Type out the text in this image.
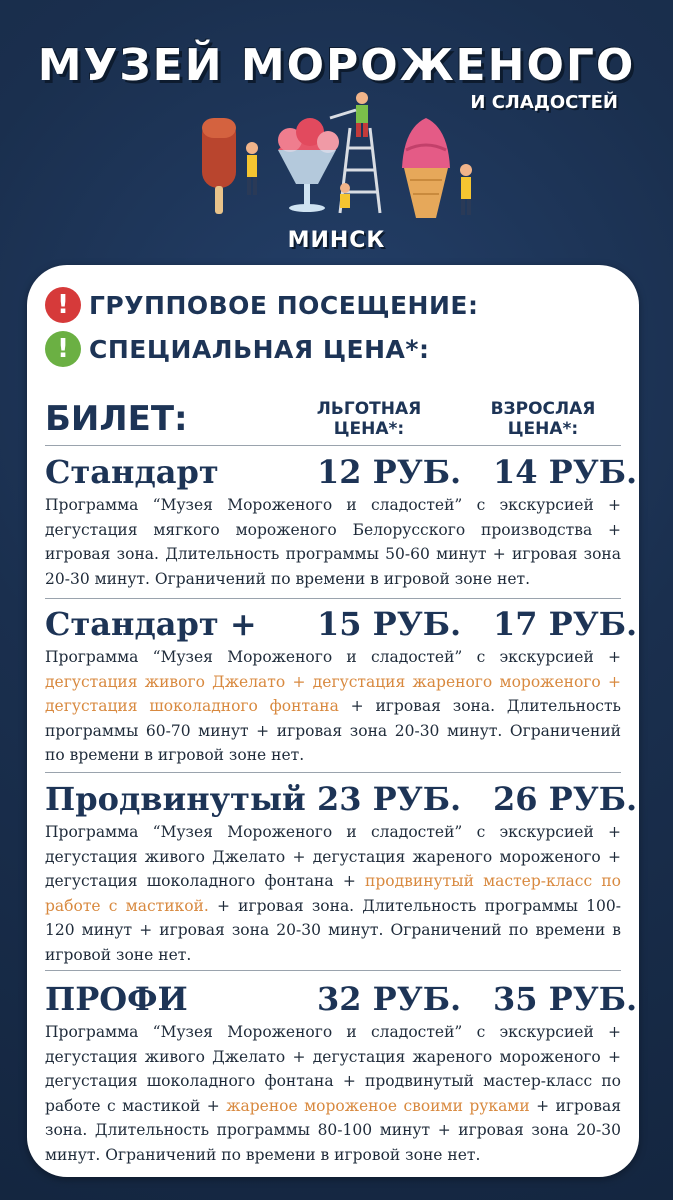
МУЗЕЙ МОРОЖЕНОГО
И СЛАДОСТЕЙ
МИНСК
! ГРУППОВОЕ ПОСЕЩЕНИЕ:
! СПЕЦИАЛЬНАЯ ЦЕНА*:
БИЛЕТ:	ЛЬГОТНАЯ
ЦЕНА*:
ВЗРОСЛАЯ
ЦЕНА*:
Стандарт	12 РУБ. 14 РУБ.
Программа “Музея Мороженого и сладостей” с экскурсией + дегустация мягкого мороженого Белорусского производства + игровая зона. Длительность программы 50-60 минут + игровая зона 20-30 минут. Ограничений по времени в игровой зоне нет.
Стандарт + 15 РУБ. 17 РУБ.
Программа “Музея Мороженого и сладостей” с экскурсией + дегустация живого Джелато + дегустация жареного мороженого + дегустация шоколадного фонтана + игровая зона. Длительность программы 60-70 минут + игровая зона 20-30 минут. Ограничений по времени в игровой зоне нет.
Продвинутый 23 РУБ. 26 РУБ.
Программа “Музея Мороженого и сладостей” с экскурсией + дегустация живого Джелато + дегустация жареного мороженого + дегустация шоколадного фонтана + продвинутый мастер-класс по работе с мастикой. + игровая зона. Длительность программы 100-120 минут + игровая зона 20-30 минут. Ограничений по времени в игровой зоне нет.
ПРОФИ	32 РУБ. 35 РУБ.
Программа “Музея Мороженого и сладостей” с экскурсией + дегустация живого Джелато + дегустация жареного мороженого + дегустация шоколадного фонтана + продвинутый мастер-класс по работе с мастикой + жареное мороженое своими руками + игровая зона. Длительность программы 80-100 минут + игровая зона 20-30 минут. Ограничений по времени в игровой зоне нет.
